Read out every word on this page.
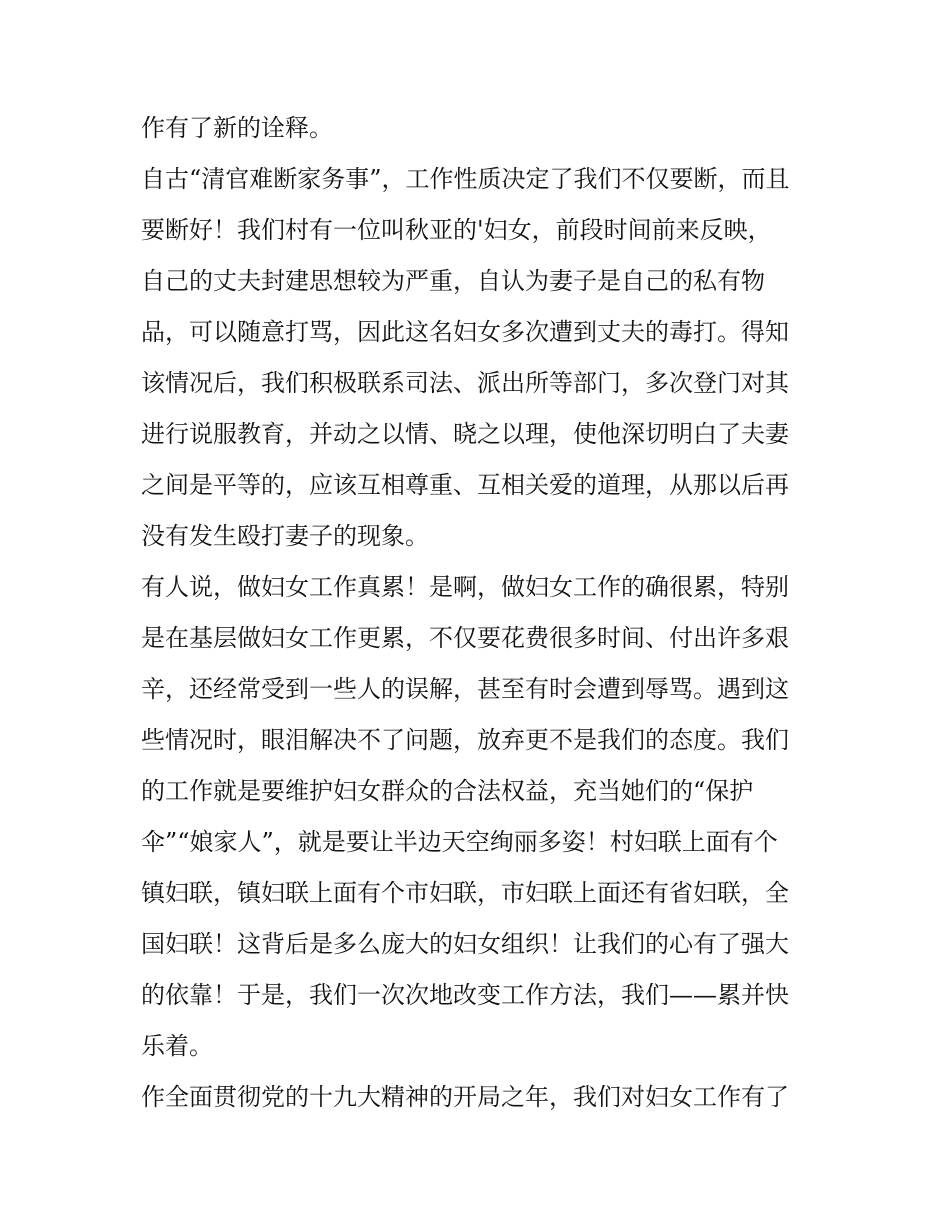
作有了新的诠释。
自古“清官难断家务事”，工作性质决定了我们不仅要断，而且
要断好！我们村有一位叫秋亚的'妇女，前段时间前来反映，
自己的丈夫封建思想较为严重，自认为妻子是自己的私有物
品，可以随意打骂，因此这名妇女多次遭到丈夫的毒打。得知
该情况后，我们积极联系司法、派出所等部门，多次登门对其
进行说服教育，并动之以情、晓之以理，使他深切明白了夫妻
之间是平等的，应该互相尊重、互相关爱的道理，从那以后再
没有发生殴打妻子的现象。
有人说，做妇女工作真累！是啊，做妇女工作的确很累，特别
是在基层做妇女工作更累，不仅要花费很多时间、付出许多艰
辛，还经常受到一些人的误解，甚至有时会遭到辱骂。遇到这
些情况时，眼泪解决不了问题，放弃更不是我们的态度。我们
的工作就是要维护妇女群众的合法权益，充当她们的“保护
伞”“娘家人”，就是要让半边天空绚丽多姿！村妇联上面有个
镇妇联，镇妇联上面有个市妇联，市妇联上面还有省妇联，全
国妇联！这背后是多么庞大的妇女组织！让我们的心有了强大
的依靠！于是，我们一次次地改变工作方法，我们——累并快
乐着。
作全面贯彻党的十九大精神的开局之年，我们对妇女工作有了
